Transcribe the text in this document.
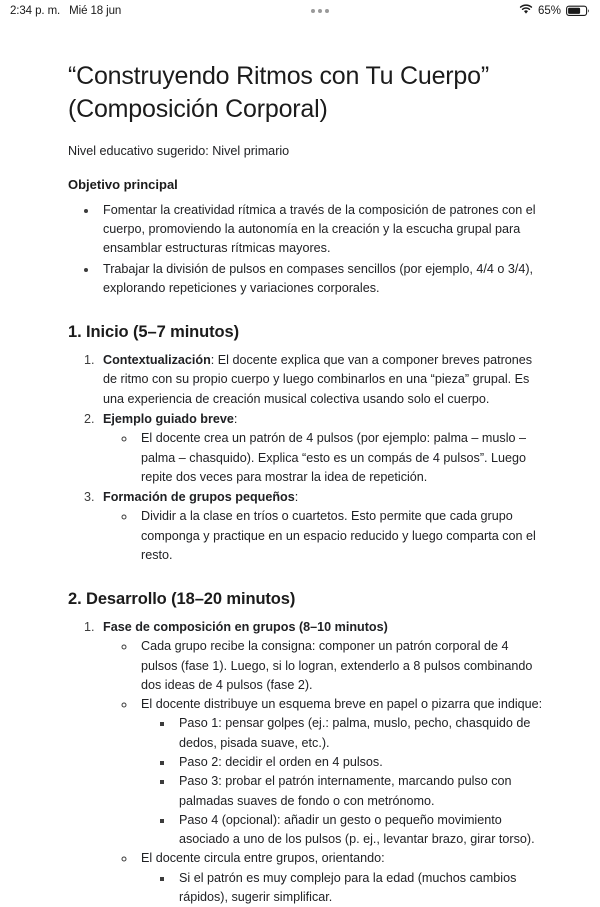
2:34 p. m. Mié 18 jun	65%
“Construyendo Ritmos con Tu Cuerpo” (Composición Corporal)

Nivel educativo sugerido: Nivel primario

Objetivo principal

• Fomentar la creatividad rítmica a través de la composición de patrones con el cuerpo, promoviendo la autonomía en la creación y la escucha grupal para ensamblar estructuras rítmicas mayores.
• Trabajar la división de pulsos en compases sencillos (por ejemplo, 4/4 o 3/4), explorando repeticiones y variaciones corporales.
1. Inicio (5–7 minutos)
1. Contextualización: El docente explica que van a componer breves patrones de ritmo con su propio cuerpo y luego combinarlos en una “pieza” grupal. Es una experiencia de creación musical colectiva usando solo el cuerpo.
2. Ejemplo guiado breve:
◦ El docente crea un patrón de 4 pulsos (por ejemplo: palma – muslo – palma – chasquido). Explica “esto es un compás de 4 pulsos”. Luego repite dos veces para mostrar la idea de repetición.
3. Formación de grupos pequeños:
◦ Dividir a la clase en tríos o cuartetos. Esto permite que cada grupo componga y practique en un espacio reducido y luego comparta con el resto.
2. Desarrollo (18–20 minutos)
1. Fase de composición en grupos (8–10 minutos)
◦ Cada grupo recibe la consigna: componer un patrón corporal de 4 pulsos (fase 1). Luego, si lo logran, extenderlo a 8 pulsos combinando dos ideas de 4 pulsos (fase 2).
◦ El docente distribuye un esquema breve en papel o pizarra que indique:
▪ Paso 1: pensar golpes (ej.: palma, muslo, pecho, chasquido de dedos, pisada suave, etc.).
▪ Paso 2: decidir el orden en 4 pulsos.
▪ Paso 3: probar el patrón internamente, marcando pulso con palmadas suaves de fondo o con metrónomo.
▪ Paso 4 (opcional): añadir un gesto o pequeño movimiento asociado a uno de los pulsos (p. ej., levantar brazo, girar torso).
◦ El docente circula entre grupos, orientando:
▪ Si el patrón es muy complejo para la edad (muchos cambios rápidos), sugerir simplificar.
